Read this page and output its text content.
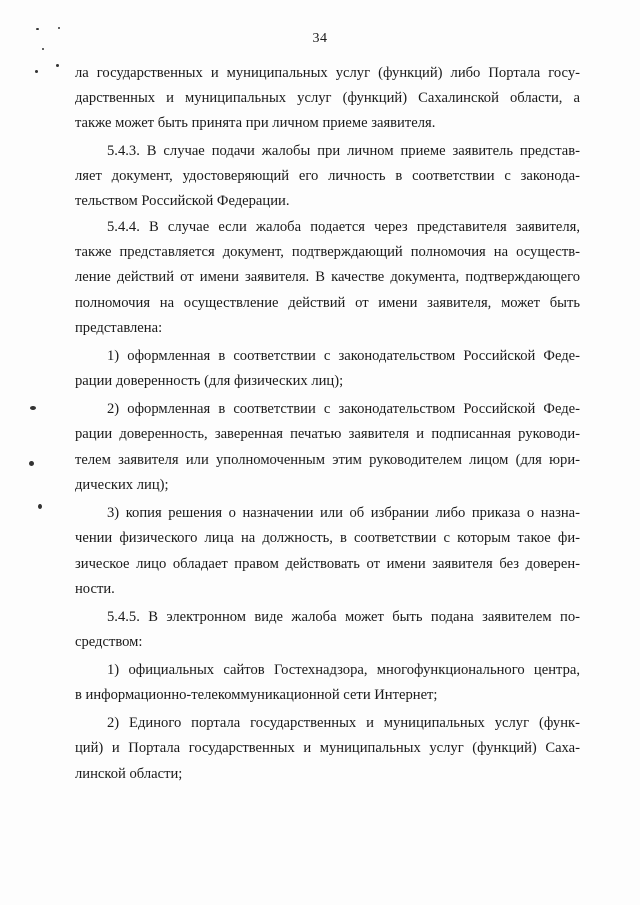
34
ла государственных и муниципальных услуг (функций) либо Портала госу-
дарственных и муниципальных услуг (функций) Сахалинской области, а
также может быть принята при личном приеме заявителя.
5.4.3. В случае подачи жалобы при личном приеме заявитель представ-
ляет документ, удостоверяющий его личность в соответствии с законода-
тельством Российской Федерации.
5.4.4. В случае если жалоба подается через представителя заявителя,
также представляется документ, подтверждающий полномочия на осуществ-
ление действий от имени заявителя. В качестве документа, подтверждающего
полномочия на осуществление действий от имени заявителя, может быть
представлена:
1) оформленная в соответствии с законодательством Российской Феде-
рации доверенность (для физических лиц);
2) оформленная в соответствии с законодательством Российской Феде-
рации доверенность, заверенная печатью заявителя и подписанная руководи-
телем заявителя или уполномоченным этим руководителем лицом (для юри-
дических лиц);
3) копия решения о назначении или об избрании либо приказа о назна-
чении физического лица на должность, в соответствии с которым такое фи-
зическое лицо обладает правом действовать от имени заявителя без доверен-
ности.
5.4.5. В электронном виде жалоба может быть подана заявителем по-
средством:
1) официальных сайтов Гостехнадзора, многофункционального центра,
в информационно-телекоммуникационной сети Интернет;
2) Единого портала государственных и муниципальных услуг (функ-
ций) и Портала государственных и муниципальных услуг (функций) Саха-
линской области;
